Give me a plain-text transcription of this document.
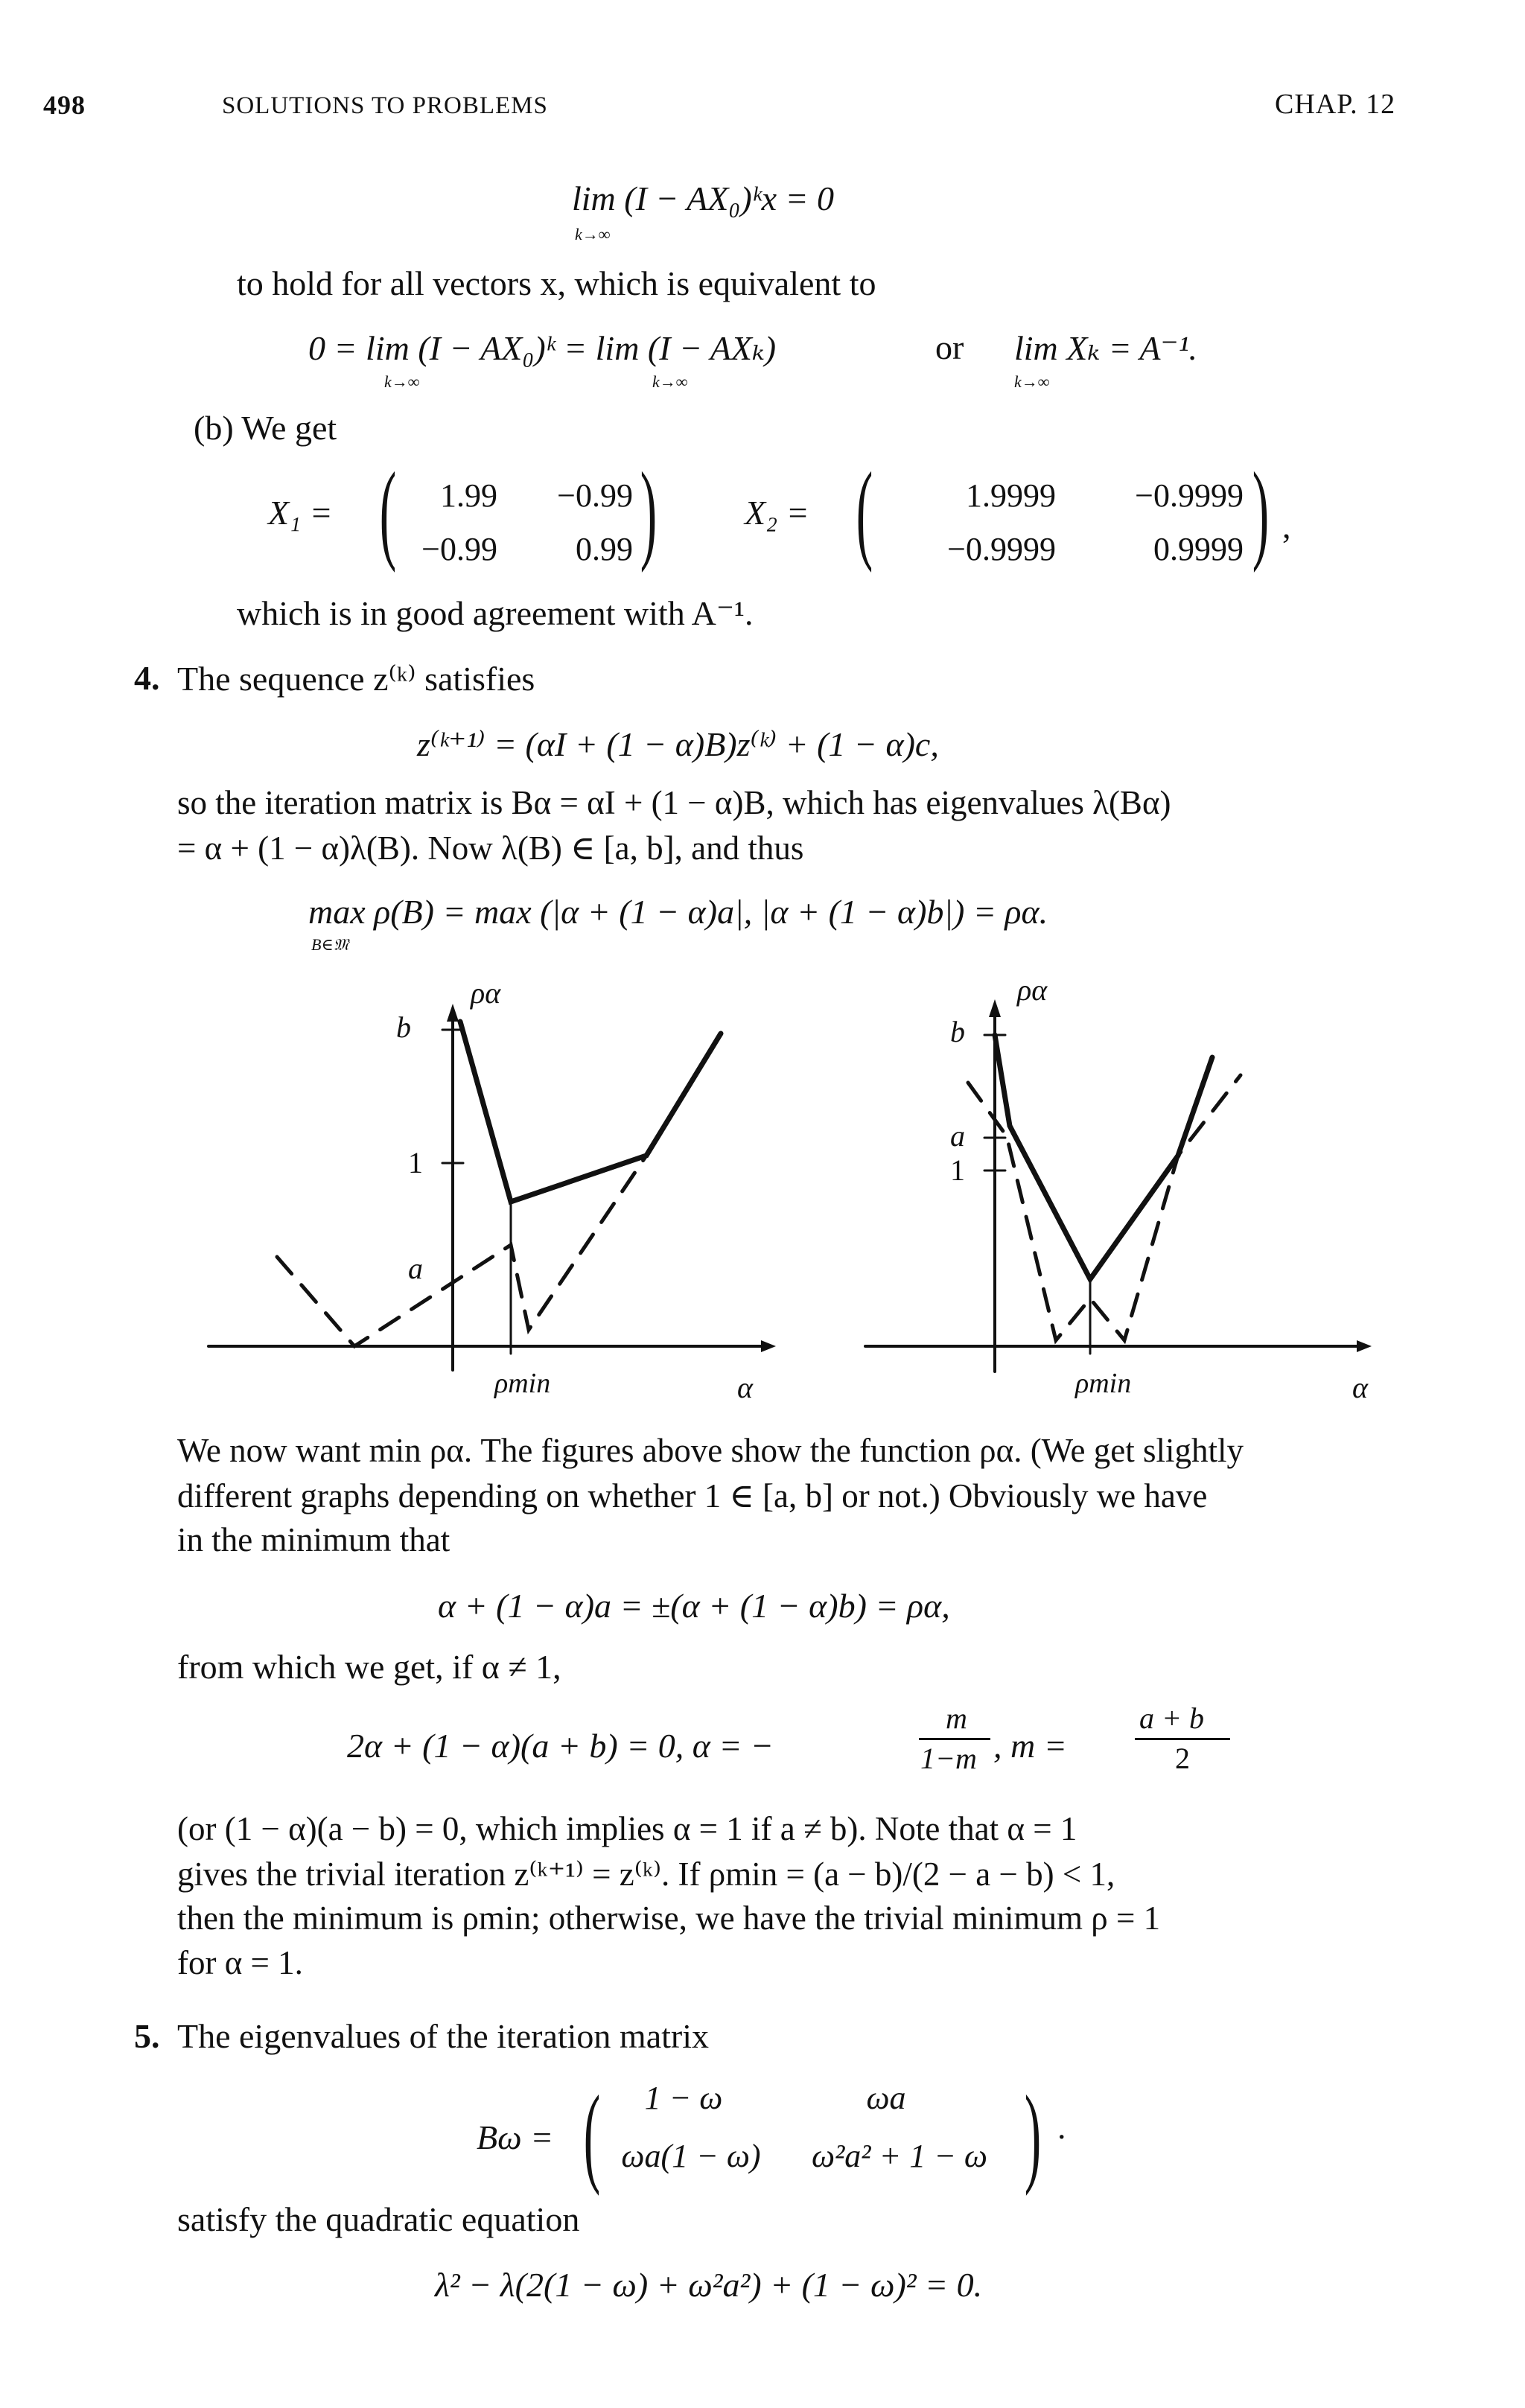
498	SOLUTIONS TO PROBLEMS	CHAP. 12
lim (I − AX₀)ᵏx = 0
k→∞
to hold for all vectors x, which is equivalent to
0 = lim (I − AX₀)ᵏ = lim (I − AXₖ)	or lim Xₖ = A⁻¹.
k→∞	k→∞	k→∞
(b) We get
X₁ = (	1.99	−0.99
−0.99	0.99 )	X₂ = (	1.9999	−0.9999
−0.9999	0.9999 ) ,
which is in good agreement with A⁻¹.
4. The sequence z⁽ᵏ⁾ satisfies
z⁽ᵏ⁺¹⁾ = (αI + (1 − α)B)z⁽ᵏ⁾ + (1 − α)c,
so the iteration matrix is Bα = αI + (1 − α)B, which has eigenvalues λ(Bα)
= α + (1 − α)λ(B). Now λ(B) ∈ [a, b], and thus
max ρ(B) = max (|α + (1 − α)a|, |α + (1 − α)b|) = ρα.
B∈𝔐
ρα
b
1
a
ρmin	α
ρα
b
a
1
ρmin	α
We now want min ρα. The figures above show the function ρα. (We get slightly
different graphs depending on whether 1 ∈ [a, b] or not.) Obviously we have
in the minimum that
α + (1 − α)a = ±(α + (1 − α)b) = ρα,
from which we get, if α ≠ 1,
2α + (1 − α)(a + b) = 0, α = −
m
1−m , m =
a + b
2
(or (1 − α)(a − b) = 0, which implies α = 1 if a ≠ b). Note that α = 1
gives the trivial iteration z⁽ᵏ⁺¹⁾ = z⁽ᵏ⁾. If ρmin = (a − b)/(2 − a − b) < 1,
then the minimum is ρmin; otherwise, we have the trivial minimum ρ = 1
for α = 1.
5. The eigenvalues of the iteration matrix
Bω = (	1 − ω	ωa
ωa(1 − ω)	ω²a² + 1 − ω ) .
satisfy the quadratic equation
λ² − λ(2(1 − ω) + ω²a²) + (1 − ω)² = 0.
